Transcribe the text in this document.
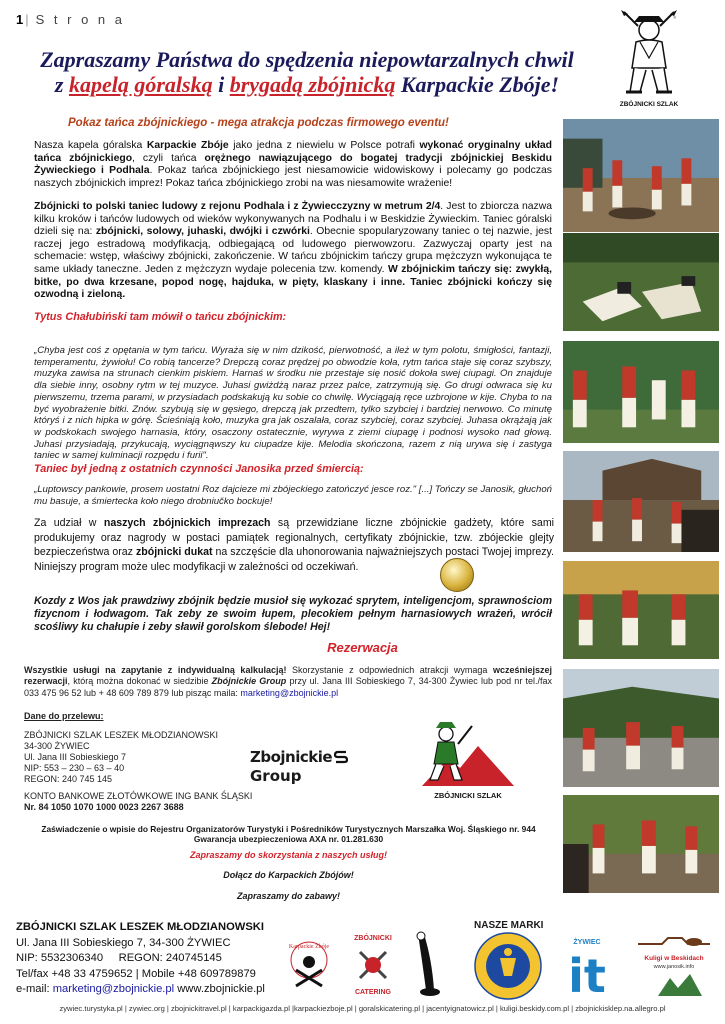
1 | S t r o n a	*
ZBÓJNICKI SZLAK
Zapraszamy Państwa do spędzenia niepowtarzalnych chwil
z kapelą góralską i brygadą zbójnicką Karpackie Zbóje!
Pokaz tańca zbójnickiego - mega atrakcja podczas firmowego eventu!
Nasza kapela góralska Karpackie Zbóje jako jedna z niewielu w Polsce potrafi wykonać oryginalny układ tańca zbójnickiego, czyli tańca orężnego nawiązującego do bogatej tradycji zbójnickiej Beskidu Żywieckiego i Podhala. Pokaz tańca zbójnickiego jest niesamowicie widowiskowy i polecamy go podczas naszych zbójnickich imprez! Pokaz tańca zbójnickiego zrobi na was niesamowite wrażenie!
Zbójnicki to polski taniec ludowy z rejonu Podhala i z Żywiecczyzny w metrum 2/4. Jest to zbiorcza nazwa kilku kroków i tańców ludowych od wieków wykonywanych na Podhalu i w Beskidzie Żywieckim. Taniec góralski dzieli się na: zbójnicki, solowy, juhaski, dwójki i czwórki. Obecnie spopularyzowany taniec o tej nazwie, jest raczej jego estradową modyfikacją, odbiegającą od ludowego pierwowzoru. Zazwyczaj oparty jest na schemacie: wstęp, właściwy zbójnicki, zakończenie. W tańcu zbójnickim tańczy grupa mężczyzn wykonująca te same układy taneczne. Jeden z mężczyzn wydaje polecenia tzw. komendy. W zbójnickim tańczy się: zwykłą, bitke, po dwa krzesane, popod nogę, hajduka, w pięty, klaskany i inne. Taniec zbójnicki kończy się ozwodną i zieloną.
Tytus Chałubiński tam mówił o tańcu zbójnickim:
„Chyba jest coś z opętania w tym tańcu. Wyraża się w nim dzikość, pierwotność, a ileż w tym polotu, śmigłości, fantazji, temperamentu, żywiołu! Co robią tancerze? Drepczą coraz prędzej po obwodzie koła, rytm tańca staje się coraz szybszy, muzyka zawisa na strunach cienkim piskiem. Harnaś w środku nie przestaje się nosić dokoła swej ciupagi. On znajduje dla siebie inny, osobny rytm w tej muzyce. Juhasi gwiżdżą naraz przez palce, zatrzymują się. Go drugi odwraca się ku pierwszemu, trzema parami, w przysiadach podskakują ku sobie co chwilę. Wyciągają ręce uzbrojone w kije. Chyba to na być wyobrażenie bitki. Znów. szybują się w gęsiego, drepczą jak przedtem, tylko szybciej i bardziej nerwowo. Co minutę któryś i z nich hipka w górę. Ścieśniają koło, muzyka gra jak oszalała, coraz szybciej, coraz szybciej. Juhasa okrążają jak w podskokach swojego harnasia, który, osaczony ostatecznie, wyrywa z ziemi ciupagę i podnosi wysoko nad głową. Juhasi przysiadają, przykucają, wyciągnąwszy ku ciupadze kije. Melodia skończona, razem z nią urywa się i zastyga taniec w samej kulminacji rozpędu i furii".
Taniec był jedną z ostatnich czynności Janosika przed śmiercią:
„Luptowscy pankowie, prosem uostatni Roz dajcieze mi zbójeckiego zatończyć jesce roz." [...] Tończy se Janosik, głuchoń mu basuje, a śmiertecka koło niego drobniučko bockuje!
Za udział w naszych zbójnickich imprezach są przewidziane liczne zbójnickie gadżety, które sami produkujemy oraz nagrody w postaci pamiątek regionalnych, certyfikaty zbójnickie, tzw. zbójeckie glejty bezpieczeństwa oraz zbójnicki dukat na szczęście dla uhonorowania najważniejszych postaci Twojej imprezy. Niniejszy program może ulec modyfikacji w zależności od oczekiwań.
Kozdy z Wos jak prawdziwy zbójnik będzie musioł się wykozać sprytem, inteligencjom, sprawnościom fizycnom i łodwagom. Tak zeby ze swoim łupem, plecokiem pełnym harnasiowych wrażeń, wrócił scośliwy ku chałupie i zeby sławił gorolskom ślebode! Hej!
Rezerwacja
Wszystkie usługi na zapytanie z indywidualną kalkulacją! Skorzystanie z odpowiednich atrakcji wymaga wcześniejszej rezerwacji, którą można dokonać w siedzibie Zbójnickie Group przy ul. Jana III Sobieskiego 7, 34-300 Żywiec lub pod nr tel./fax 033 475 96 52 lub + 48 609 789 879 lub pisząc maila: marketing@zbojnickie.pl
Dane do przelewu:
ZBÓJNICKI SZLAK LESZEK MŁODZIANOWSKI
34-300 ŻYWIEC
Ul. Jana III Sobieskiego 7
NIP: 553 – 230 – 63 – 40
REGON: 240 745 145
KONTO BANKOWE ZŁOTÓWKOWE ING BANK ŚLĄSKI
Nr. 84 1050 1070 1000 0023 2267 3688
ZbojnickieGroup
ZBÓJNICKI SZLAK
Zaświadczenie o wpisie do Rejestru Organizatorów Turystyki i Pośredników Turystycznych Marszałka Woj. Śląskiego nr. 944
Gwarancja ubezpieczeniowa AXA nr. 01.281.630
Zapraszamy do skorzystania z naszych usług!
Dołącz do Karpackich Zbójów!
Zapraszamy do zabawy!
ZBÓJNICKI SZLAK LESZEK MŁODZIANOWSKI
Ul. Jana III Sobieskiego 7, 34-300 ŻYWIEC
NIP: 5532306340     REGON: 240745145
Tel/fax +48 33 4759652 | Mobile +48 609789879
e-mail: marketing@zbojnickie.pl www.zbojnickie.pl
NASZE MARKI
Karpackie Zbóje
ZBÓJNICKI
CATERING
ŻYWIEC
it	Kuligi w Beskidach
www.janosik.info
zywiec.turystyka.pl | zywiec.org | zbojnickitravel.pl | karpackigazda.pl |karpackiezboje.pl | goralskicatering.pl | jacentyignatowicz.pl | kuligi.beskidy.com.pl | zbojnickisklep.na.allegro.pl
